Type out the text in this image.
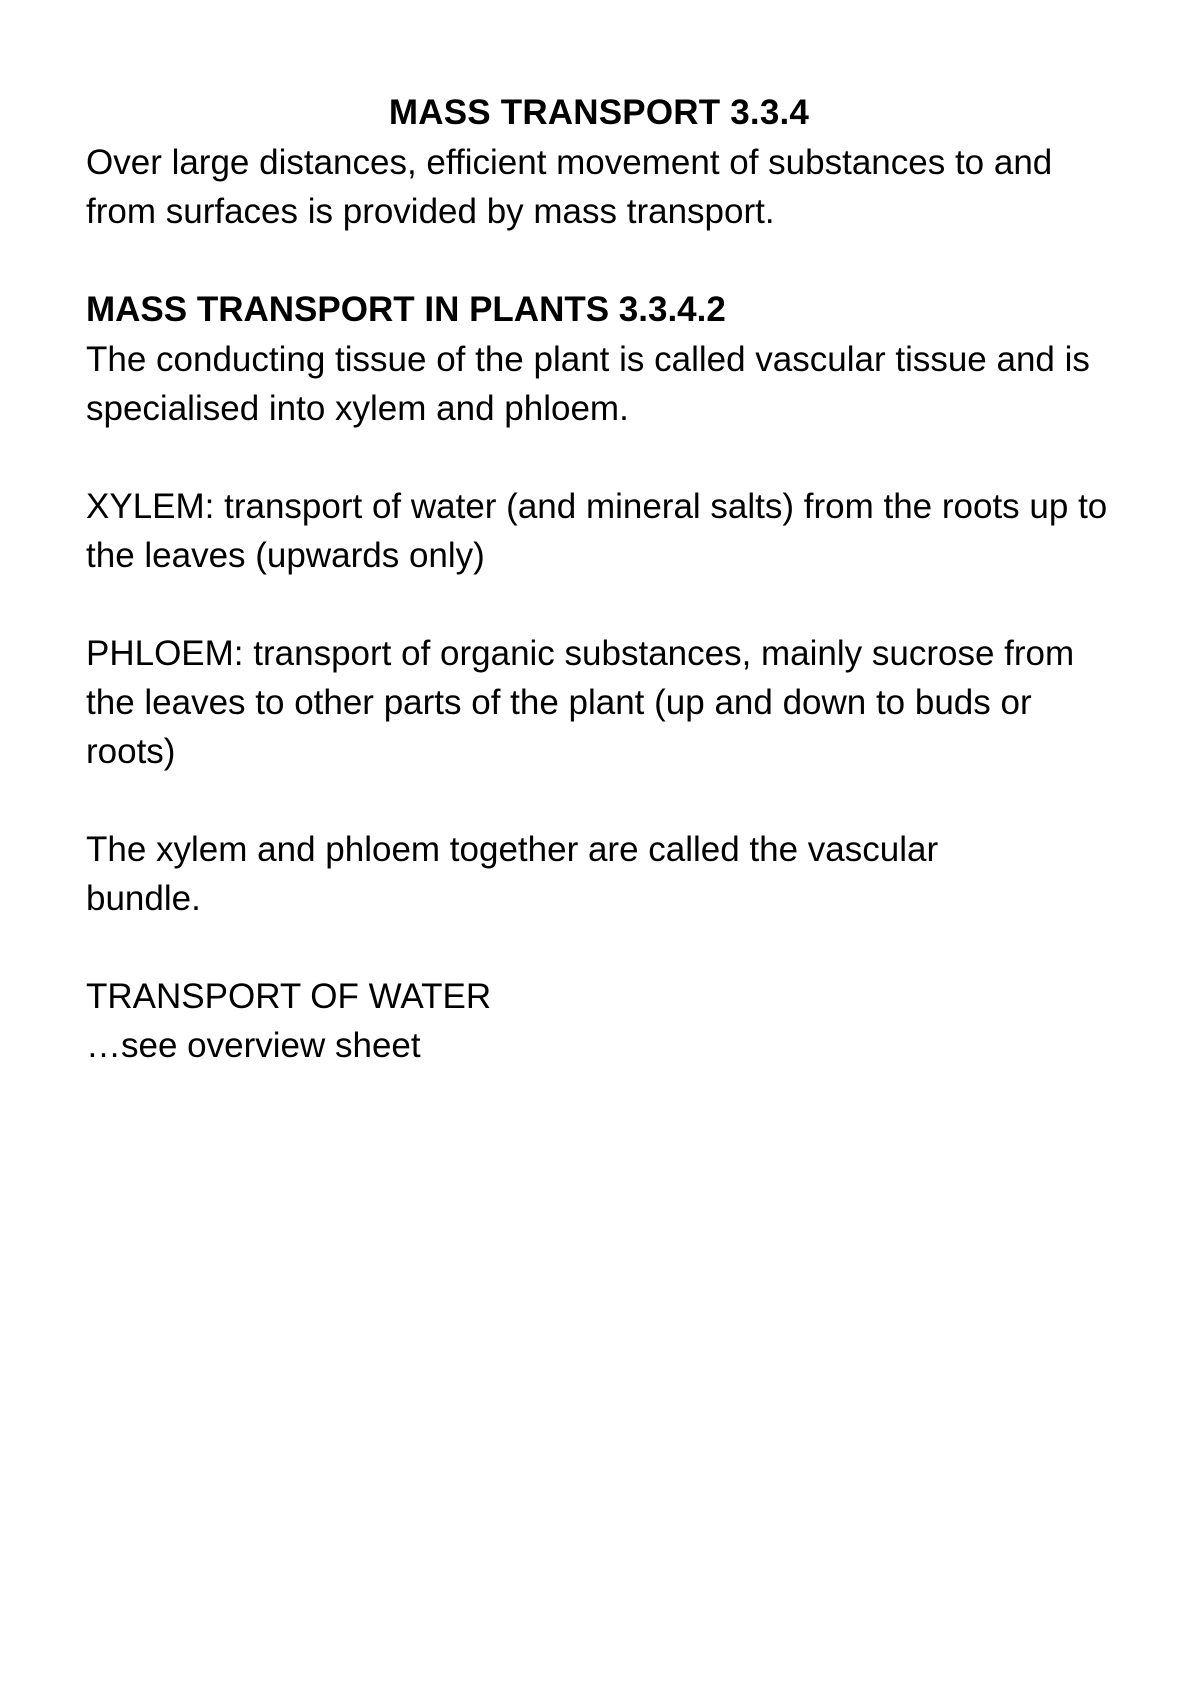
MASS TRANSPORT 3.3.4

Over large distances, efficient movement of substances to and from surfaces is provided by mass transport.

MASS TRANSPORT IN PLANTS 3.3.4.2

The conducting tissue of the plant is called vascular tissue and is specialised into xylem and phloem.

XYLEM: transport of water (and mineral salts) from the roots up to the leaves (upwards only)

PHLOEM: transport of organic substances, mainly sucrose from the leaves to other parts of the plant (up and down to buds or roots)

The xylem and phloem together are called the vascular bundle.

TRANSPORT OF WATER

…see overview sheet
